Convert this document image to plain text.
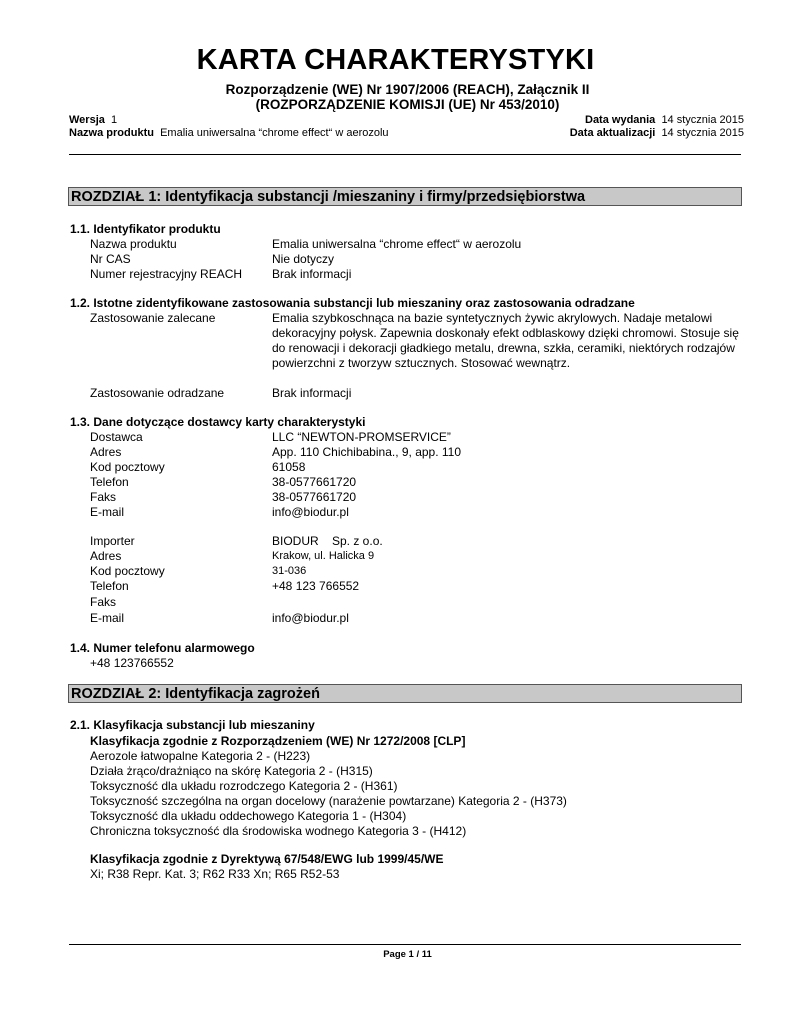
KARTA CHARAKTERYSTYKI
Rozporządzenie (WE) Nr 1907/2006 (REACH), Załącznik II
(ROZPORZĄDZENIE KOMISJI (UE) Nr 453/2010)
Wersja 1
Nazwa produktu Emalia uniwersalna “chrome effect“ w aerozolu
Data wydania 14 stycznia 2015
Data aktualizacji 14 stycznia 2015
ROZDZIAŁ 1: Identyfikacja substancji /mieszaniny i firmy/przedsiębiorstwa
1.1. Identyfikator produktu
Nazwa produktu	Emalia uniwersalna “chrome effect“ w aerozolu
Nr CAS	Nie dotyczy
Numer rejestracyjny REACH Brak informacji
1.2. Istotne zidentyfikowane zastosowania substancji lub mieszaniny oraz zastosowania odradzane
Zastosowanie zalecane	Emalia szybkoschnąca na bazie syntetycznych żywic akrylowych. Nadaje metalowi dekoracyjny połysk. Zapewnia doskonały efekt odblaskowy dzięki chromowi. Stosuje się do renowacji i dekoracji gładkiego metalu, drewna, szkła, ceramiki, niektórych rodzajów powierzchni z tworzyw sztucznych. Stosować wewnątrz.
Zastosowanie odradzane	Brak informacji
1.3. Dane dotyczące dostawcy karty charakterystyki
Dostawca	LLC “NEWTON-PROMSERVICE”
Adres	App. 110 Chichibabina., 9, app. 110
Kod pocztowy	61058
Telefon	38-0577661720
Faks	38-0577661720
E-mail	info@biodur.pl
Importer	BIODUR    Sp. z o.o.
Adres	Krakow, ul. Halicka 9
Kod pocztowy	31-036
Telefon	+48 123 766552
Faks
E-mail	info@biodur.pl
1.4. Numer telefonu alarmowego
+48 123766552
ROZDZIAŁ 2: Identyfikacja zagrożeń
2.1. Klasyfikacja substancji lub mieszaniny
Klasyfikacja zgodnie z Rozporządzeniem (WE) Nr 1272/2008 [CLP]
Aerozole łatwopalne Kategoria 2 - (H223)
Działa żrąco/drażniąco na skórę Kategoria 2 - (H315)
Toksyczność dla układu rozrodczego Kategoria 2 - (H361)
Toksyczność szczególna na organ docelowy (narażenie powtarzane) Kategoria 2 - (H373)
Toksyczność dla układu oddechowego Kategoria 1 - (H304)
Chroniczna toksyczność dla środowiska wodnego Kategoria 3 - (H412)
Klasyfikacja zgodnie z Dyrektywą 67/548/EWG lub 1999/45/WE
Xi; R38 Repr. Kat. 3; R62 R33 Xn; R65 R52-53
Page 1 / 11
